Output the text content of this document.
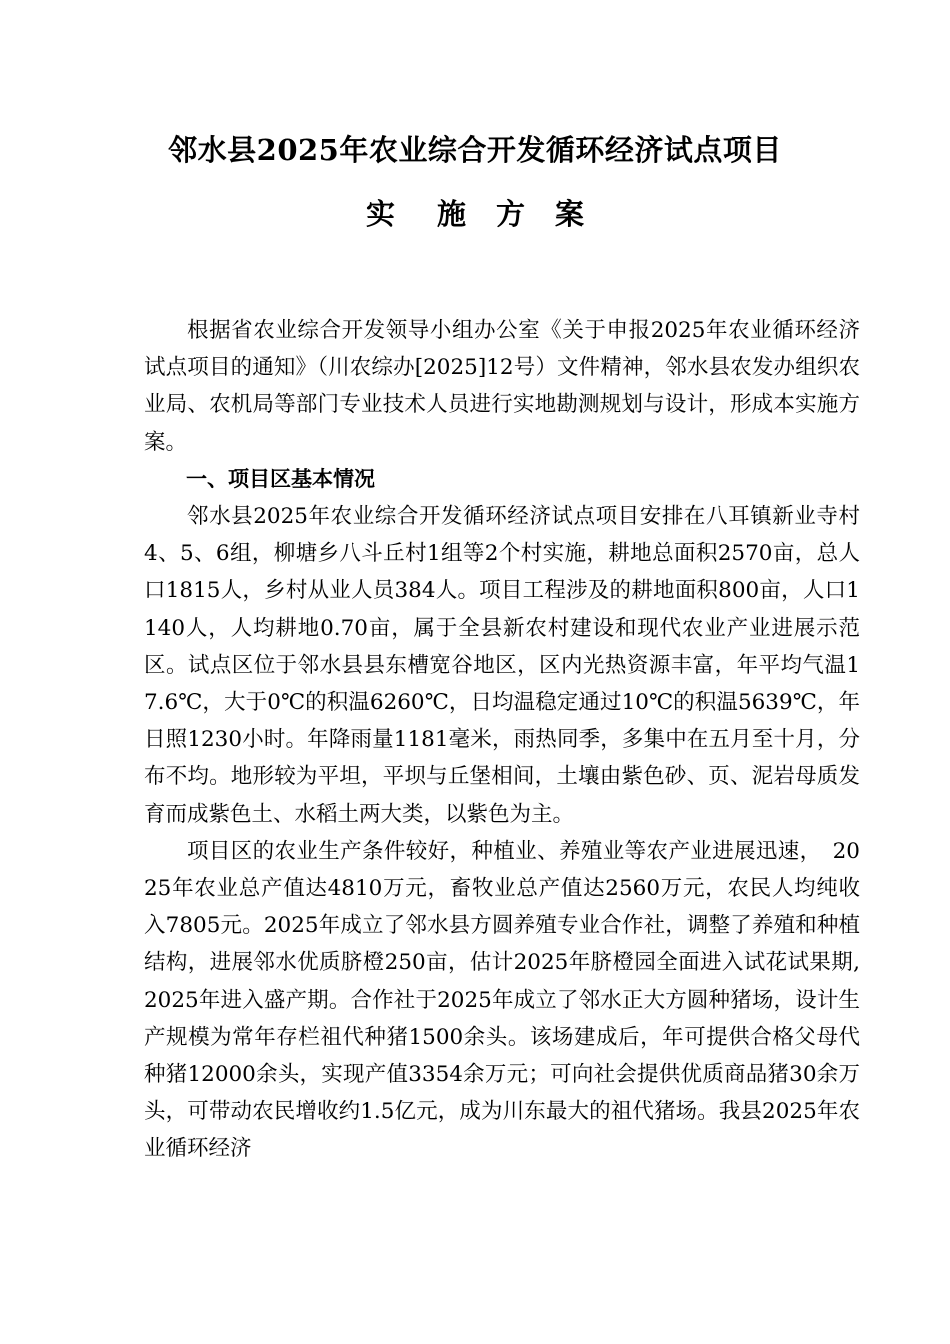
邻水县2025年农业综合开发循环经济试点项目
实 施 方 案

根据省农业综合开发领导小组办公室《关于申报2025年农业循环经济试点项目的通知》（川农综办[2025]12号）文件精神，邻水县农发办组织农业局、农机局等部门专业技术人员进行实地勘测规划与设计，形成本实施方案。

一、项目区基本情况

邻水县2025年农业综合开发循环经济试点项目安排在八耳镇新业寺村4、5、6组，柳塘乡八斗丘村1组等2个村实施，耕地总面积2570亩，总人口1815人，乡村从业人员384人。项目工程涉及的耕地面积800亩，人口1140人，人均耕地0.70亩，属于全县新农村建设和现代农业产业进展示范区。试点区位于邻水县县东槽宽谷地区，区内光热资源丰富，年平均气温17.6℃，大于0℃的积温6260℃，日均温稳定通过10℃的积温5639℃，年日照1230小时。年降雨量1181毫米，雨热同季，多集中在五月至十月，分布不均。地形较为平坦，平坝与丘堡相间，土壤由紫色砂、页、泥岩母质发育而成紫色土、水稻土两大类，以紫色为主。

项目区的农业生产条件较好，种植业、养殖业等农产业进展迅速，　2025年农业总产值达4810万元，畜牧业总产值达2560万元，农民人均纯收入7805元。2025年成立了邻水县方圆养殖专业合作社，调整了养殖和种植结构，进展邻水优质脐橙250亩，估计2025年脐橙园全面进入试花试果期,2025年进入盛产期。合作社于2025年成立了邻水正大方圆种猪场，设计生产规模为常年存栏祖代种猪1500余头。该场建成后，年可提供合格父母代种猪12000余头，实现产值3354余万元；可向社会提供优质商品猪30余万头，可带动农民增收约1.5亿元，成为川东最大的祖代猪场。我县2025年农业循环经济
